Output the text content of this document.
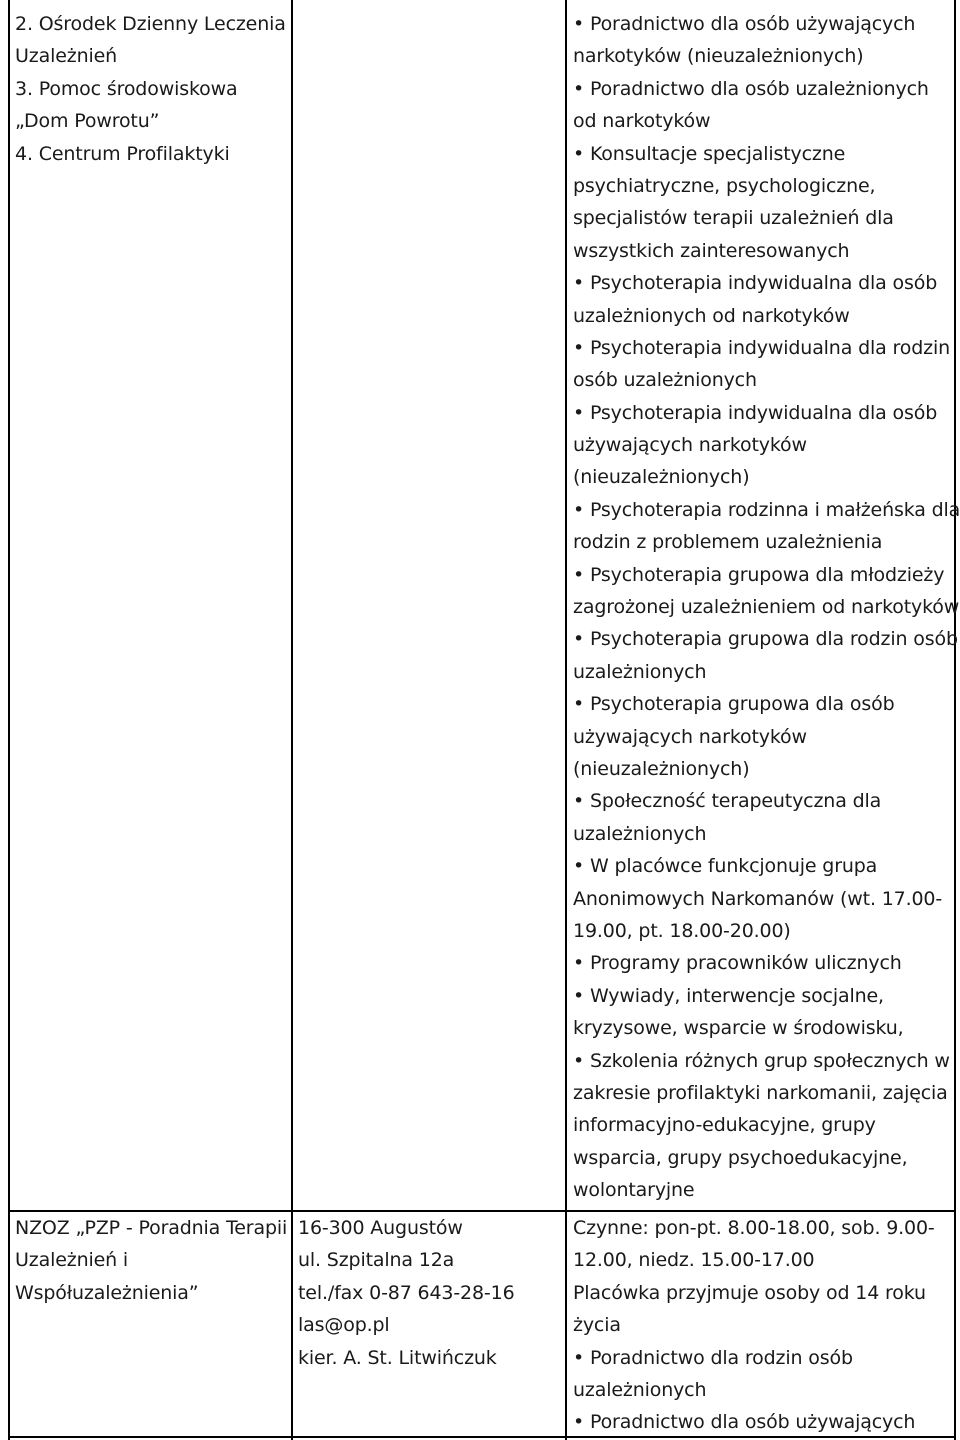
2. Ośrodek Dzienny Leczenia
Uzależnień
3. Pomoc środowiskowa
„Dom Powrotu”
4. Centrum Profilaktyki
• Poradnictwo dla osób używających
narkotyków (nieuzależnionych)
• Poradnictwo dla osób uzależnionych
od narkotyków
• Konsultacje specjalistyczne
psychiatryczne, psychologiczne,
specjalistów terapii uzależnień dla
wszystkich zainteresowanych
• Psychoterapia indywidualna dla osób
uzależnionych od narkotyków
• Psychoterapia indywidualna dla rodzin
osób uzależnionych
• Psychoterapia indywidualna dla osób
używających narkotyków
(nieuzależnionych)
• Psychoterapia rodzinna i małżeńska dla
rodzin z problemem uzależnienia
• Psychoterapia grupowa dla młodzieży
zagrożonej uzależnieniem od narkotyków
• Psychoterapia grupowa dla rodzin osób
uzależnionych
• Psychoterapia grupowa dla osób
używających narkotyków
(nieuzależnionych)
• Społeczność terapeutyczna dla
uzależnionych
• W placówce funkcjonuje grupa
Anonimowych Narkomanów (wt. 17.00-
19.00, pt. 18.00-20.00)
• Programy pracowników ulicznych
• Wywiady, interwencje socjalne,
kryzysowe, wsparcie w środowisku,
• Szkolenia różnych grup społecznych w
zakresie profilaktyki narkomanii, zajęcia
informacyjno-edukacyjne, grupy
wsparcia, grupy psychoedukacyjne,
wolontaryjne
NZOZ „PZP - Poradnia Terapii
Uzależnień i
Współuzależnienia”
16-300 Augustów
ul. Szpitalna 12a
tel./fax 0-87 643-28-16
las@op.pl
kier. A. St. Litwińczuk
Czynne: pon-pt. 8.00-18.00, sob. 9.00-
12.00, niedz. 15.00-17.00
Placówka przyjmuje osoby od 14 roku
życia
• Poradnictwo dla rodzin osób
uzależnionych
• Poradnictwo dla osób używających
